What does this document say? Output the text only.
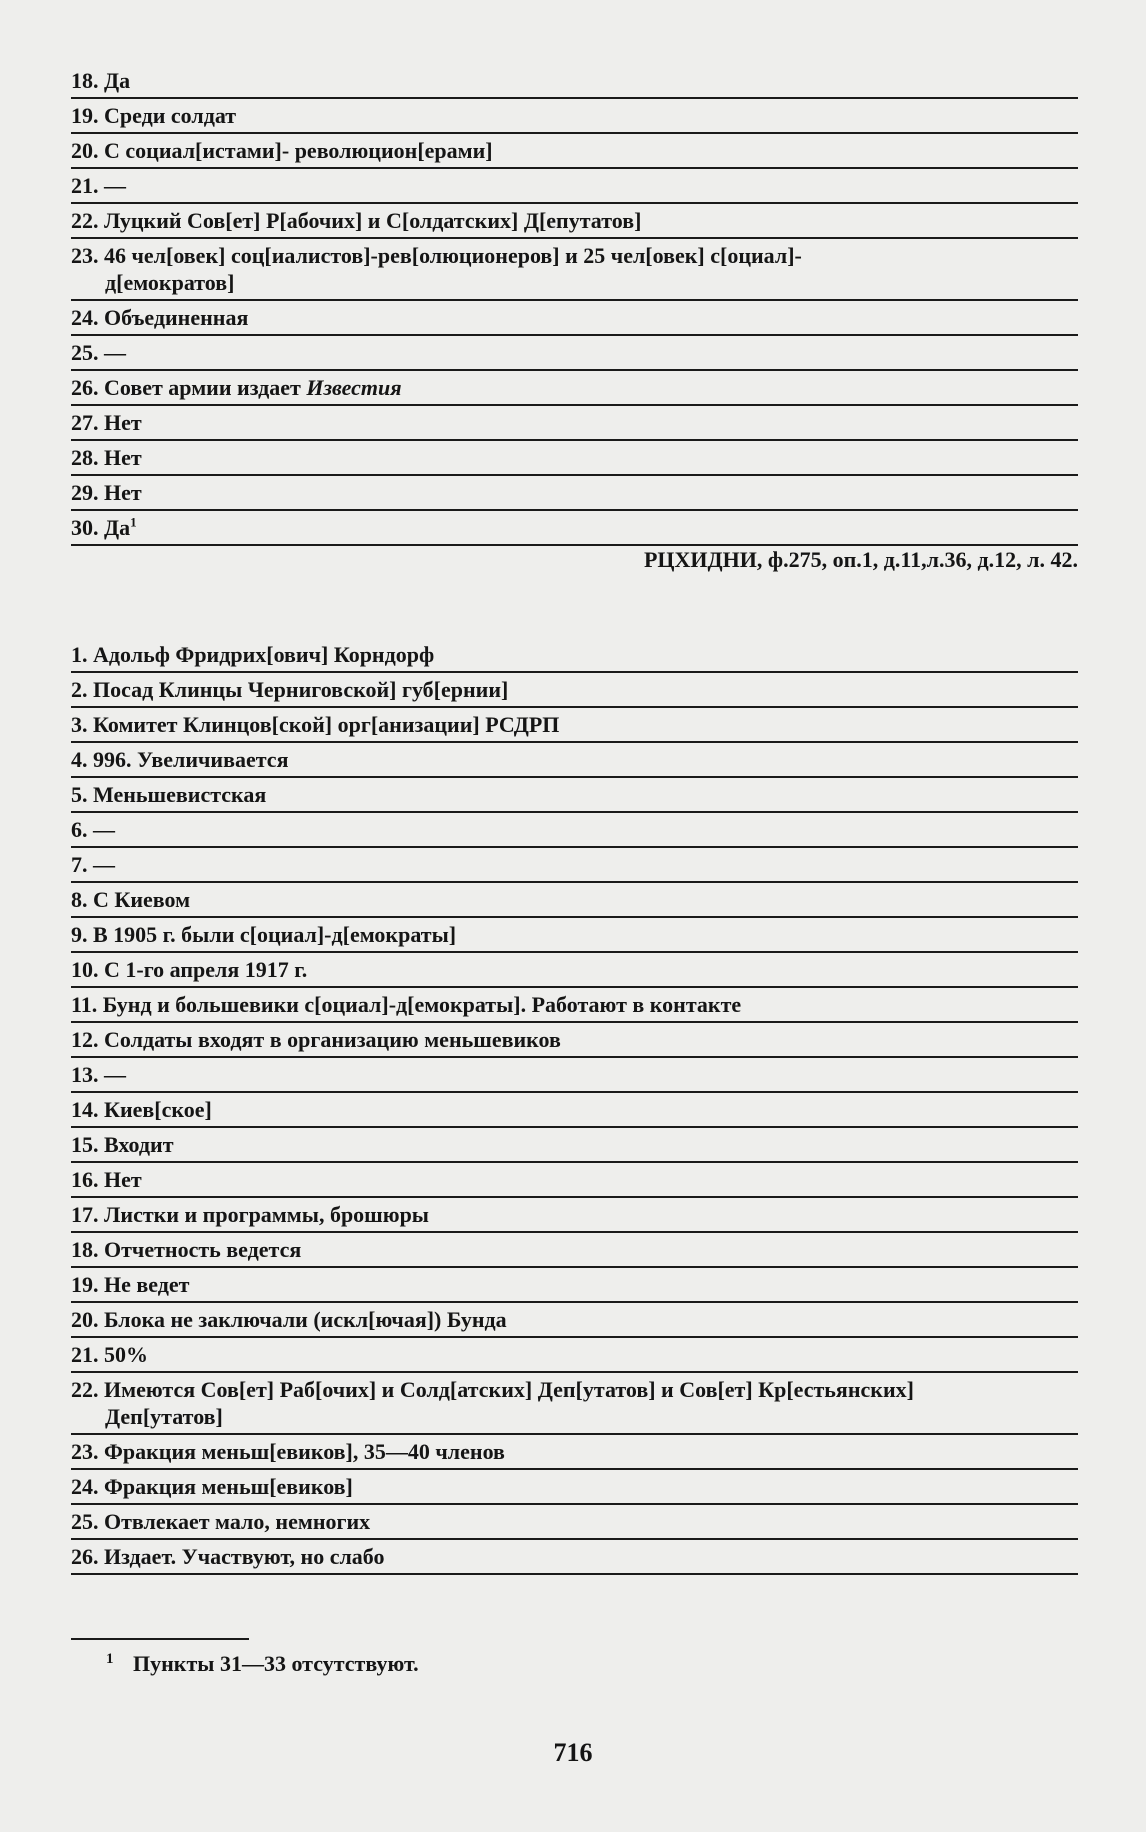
18. Да
19. Среди солдат
20. С социал[истами]- революцион[ерами]
21. —
22. Луцкий Сов[ет] Р[абочих] и С[олдатских] Д[епутатов]
23. 46 чел[овек] соц[иалистов]-рев[олюционеров] и 25 чел[овек] с[оциал]-
д[емократов]
24. Объединенная
25. —
26. Совет армии издает Известия
27. Нет
28. Нет
29. Нет
30. $Да^1$
РЦХИДНИ, ф.275, оп.1, д.11,л.36, д.12, л. 42.
1. Адольф Фридрих[ович] Корндорф
2. Посад Клинцы Черниговской] губ[ернии]
3. Комитет Клинцов[ской] орг[анизации] РСДРП
4. 996. Увеличивается
5. Меньшевистская
6. —
7. —
8. С Киевом
9. В 1905 г. были с[оциал]-д[емократы]
10. С 1-го апреля 1917 г.
11. Бунд и большевики с[оциал]-д[емократы]. Работают в контакте
12. Солдаты входят в организацию меньшевиков
13. —
14. Киев[ское]
15. Входит
16. Нет
17. Листки и программы, брошюры
18. Отчетность ведется
19. Не ведет
20. Блока не заключали (искл[ючая]) Бунда
21. 50%
22. Имеются Сов[ет] Раб[очих] и Солд[атских] Деп[утатов] и Сов[ет] Кр[естьянских]
Деп[утатов]
23. Фракция меньш[евиков], 35—40 членов
24. Фракция меньш[евиков]
25. Отвлекает мало, немногих
26. Издает. Участвуют, но слабо
$^1$ Пункты 31—33 отсутствуют.
716
